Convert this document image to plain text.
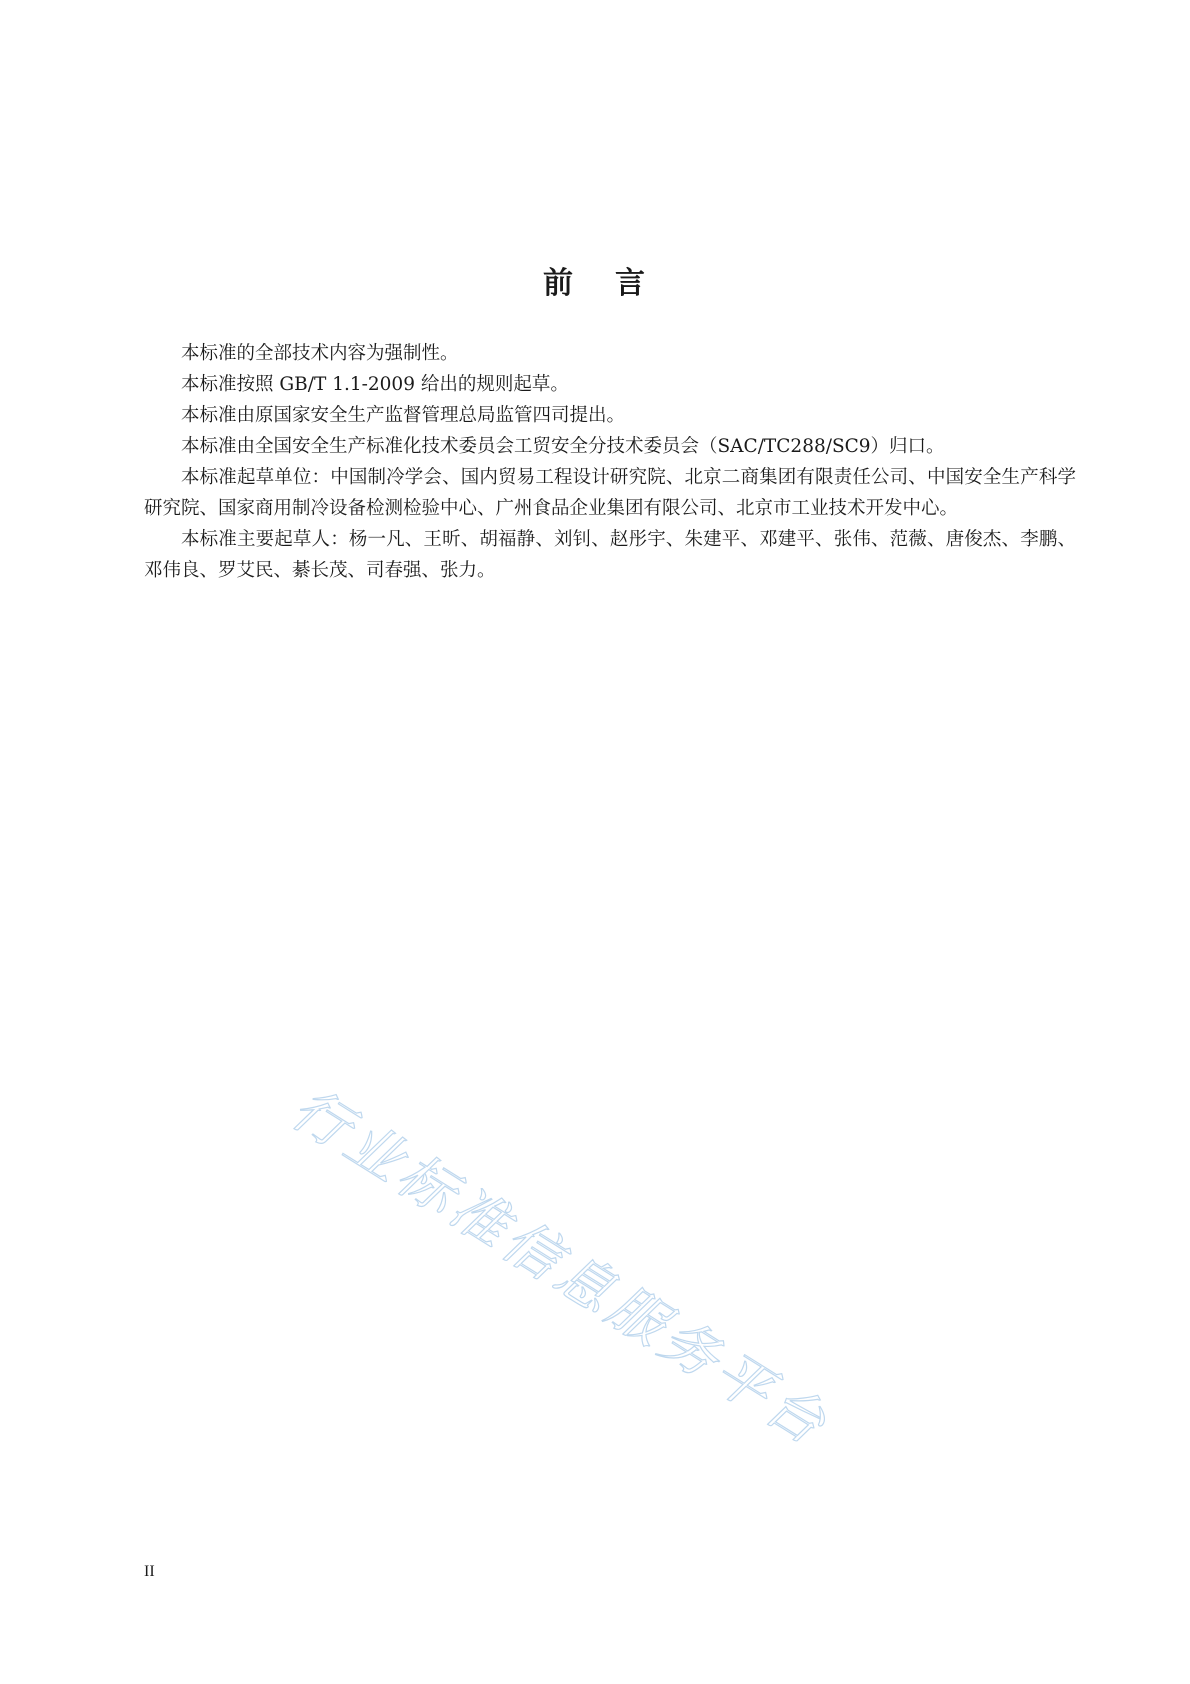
前 言

本标准的全部技术内容为强制性。

本标准按照 GB/T 1.1-2009 给出的规则起草。

本标准由原国家安全生产监督管理总局监管四司提出。

本标准由全国安全生产标准化技术委员会工贸安全分技术委员会（SAC/TC288/SC9）归口。

本标准起草单位：中国制冷学会、国内贸易工程设计研究院、北京二商集团有限责任公司、中国安全生产科学研究院、国家商用制冷设备检测检验中心、广州食品企业集团有限公司、北京市工业技术开发中心。

本标准主要起草人：杨一凡、王昕、胡福静、刘钊、赵彤宇、朱建平、邓建平、张伟、范薇、唐俊杰、李鹏、邓伟良、罗艾民、綦长茂、司春强、张力。

行业标准信息服务平台
II
